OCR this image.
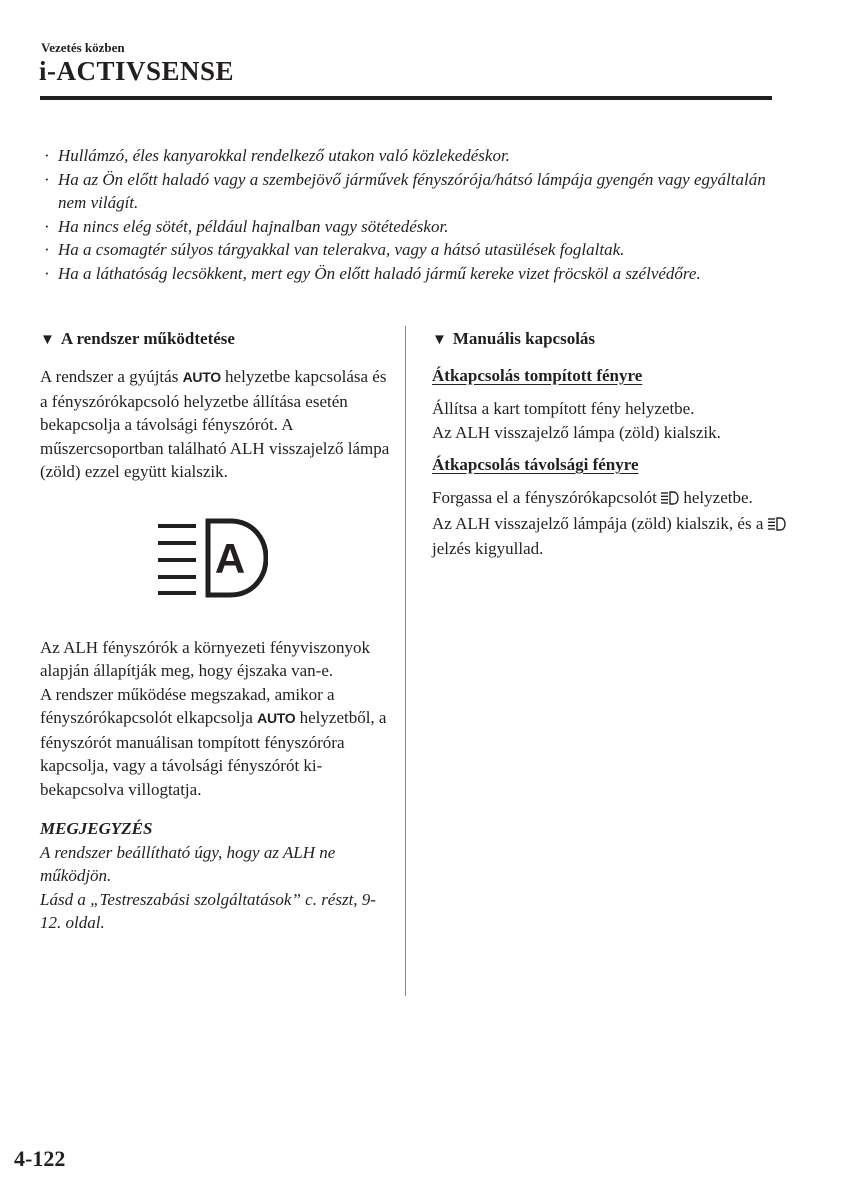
Vezetés közben
i-ACTIVSENSE
· Hullámzó, éles kanyarokkal rendelkező utakon való közlekedéskor.
· Ha az Ön előtt haladó vagy a szembejövő járművek fényszórója/hátsó lámpája gyengén vagy egyáltalán nem világít.
· Ha nincs elég sötét, például hajnalban vagy sötétedéskor.
· Ha a csomagtér súlyos tárgyakkal van telerakva, vagy a hátsó utasülések foglaltak.
· Ha a láthatóság lecsökkent, mert egy Ön előtt haladó jármű kereke vizet fröcsköl a szélvédőre.

▼ A rendszer működtetése

A rendszer a gyújtás AUTO helyzetbe kapcsolása és a fényszórókapcsoló helyzetbe állítása esetén bekapcsolja a távolsági fényszórót. A műszercsoportban található ALH visszajelző lámpa (zöld) ezzel együtt kialszik.

A

Az ALH fényszórók a környezeti fényviszonyok alapján állapítják meg, hogy éjszaka van-e.

A rendszer működése megszakad, amikor a fényszórókapcsolót elkapcsolja AUTO helyzetből, a fényszórót manuálisan tompított fényszóróra kapcsolja, vagy a távolsági fényszórót ki-bekapcsolva villogtatja.

MEGJEGYZÉS

A rendszer beállítható úgy, hogy az ALH ne működjön.

Lásd a „Testreszabási szolgáltatások” c. részt, 9-12. oldal.

▼ Manuális kapcsolás

Átkapcsolás tompított fényre

Állítsa a kart tompított fény helyzetbe.

Az ALH visszajelző lámpa (zöld) kialszik.

Átkapcsolás távolsági fényre

Forgassa el a fényszórókapcsolót  helyzetbe.

Az ALH visszajelző lámpája (zöld) kialszik, és a  jelzés kigyullad.

4-122
